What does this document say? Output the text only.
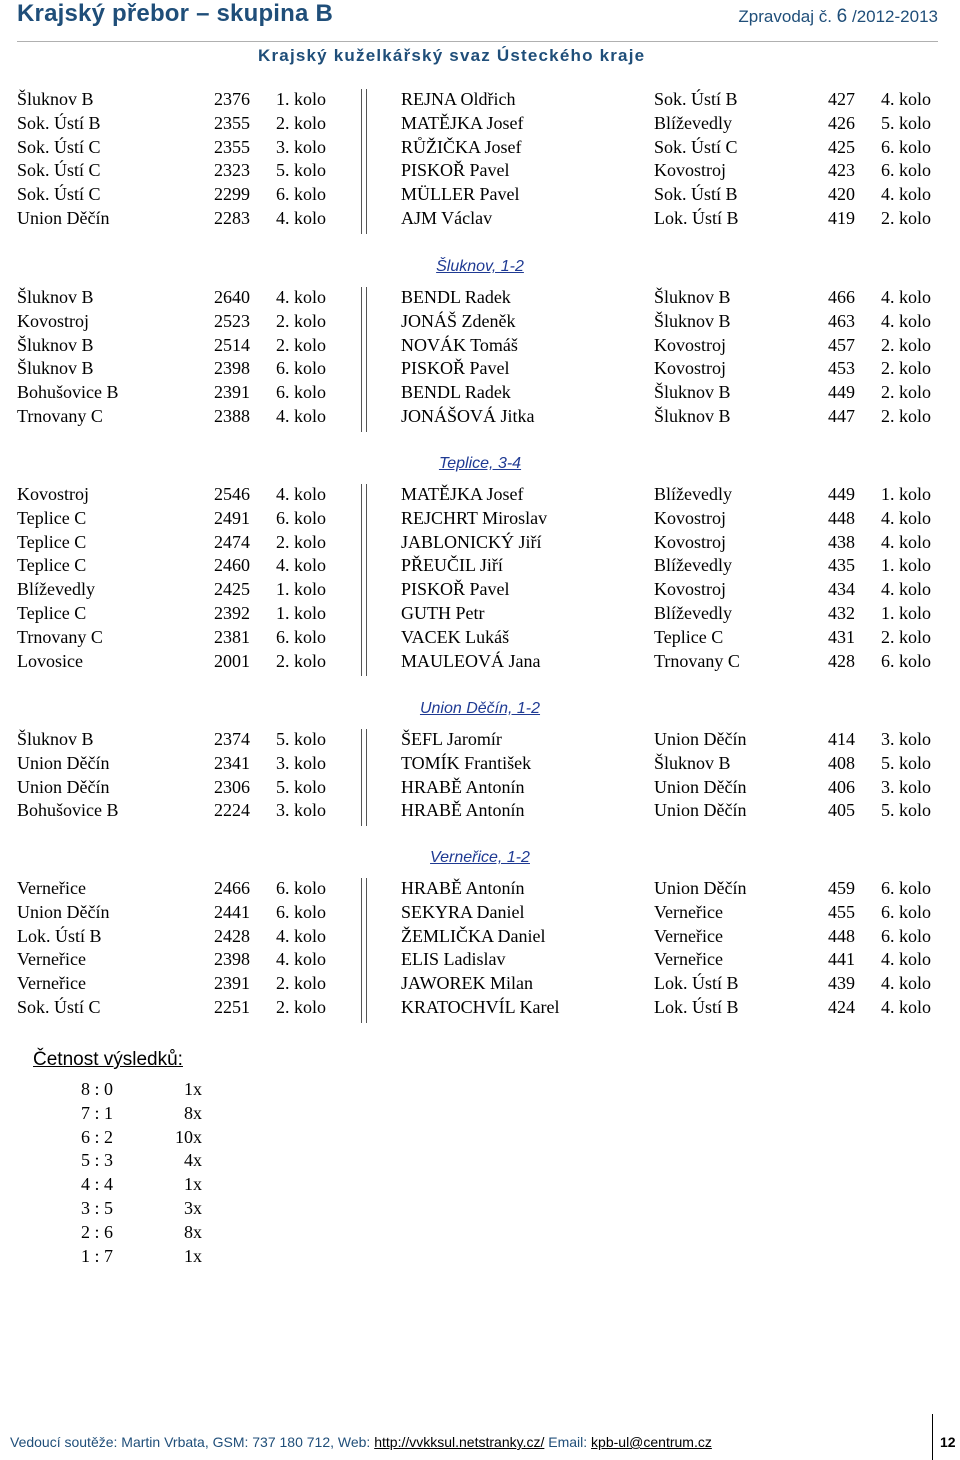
Krajský přebor – skupina B	Zpravodaj č. 6 /2012-2013
Krajský kuželkářský svaz Ústeckého kraje
Šluknov B	2376 1. kolo	REJNA Oldřich	Sok. Ústí B	427 4. kolo
Sok. Ústí B	2355 2. kolo	MATĚJKA Josef	Blíževedly	426 5. kolo
Sok. Ústí C	2355 3. kolo	RŮŽIČKA Josef	Sok. Ústí C	425 6. kolo
Sok. Ústí C	2323 5. kolo	PISKOŘ Pavel	Kovostroj	423 6. kolo
Sok. Ústí C	2299 6. kolo	MÜLLER Pavel	Sok. Ústí B	420 4. kolo
Union Děčín	2283 4. kolo	AJM Václav	Lok. Ústí B	419 2. kolo
Šluknov, 1-2
Šluknov B	2640 4. kolo	BENDL Radek	Šluknov B	466 4. kolo
Kovostroj	2523 2. kolo	JONÁŠ Zdeněk	Šluknov B	463 4. kolo
Šluknov B	2514 2. kolo	NOVÁK Tomáš	Kovostroj	457 2. kolo
Šluknov B	2398 6. kolo	PISKOŘ Pavel	Kovostroj	453 2. kolo
Bohušovice B	2391 6. kolo	BENDL Radek	Šluknov B	449 2. kolo
Trnovany C	2388 4. kolo	JONÁŠOVÁ Jitka	Šluknov B	447 2. kolo
Teplice, 3-4
Kovostroj	2546 4. kolo	MATĚJKA Josef	Blíževedly	449 1. kolo
Teplice C	2491 6. kolo	REJCHRT Miroslav	Kovostroj	448 4. kolo
Teplice C	2474 2. kolo	JABLONICKÝ Jiří	Kovostroj	438 4. kolo
Teplice C	2460 4. kolo	PŘEUČIL Jiří	Blíževedly	435 1. kolo
Blíževedly	2425 1. kolo	PISKOŘ Pavel	Kovostroj	434 4. kolo
Teplice C	2392 1. kolo	GUTH Petr	Blíževedly	432 1. kolo
Trnovany C	2381 6. kolo	VACEK Lukáš	Teplice C	431 2. kolo
Lovosice	2001 2. kolo	MAULEOVÁ Jana	Trnovany C	428 6. kolo
Union Děčín, 1-2
Šluknov B	2374 5. kolo	ŠEFL Jaromír	Union Děčín	414 3. kolo
Union Děčín	2341 3. kolo	TOMÍK František	Šluknov B	408 5. kolo
Union Děčín	2306 5. kolo	HRABĚ Antonín	Union Děčín	406 3. kolo
Bohušovice B	2224 3. kolo	HRABĚ Antonín	Union Děčín	405 5. kolo
Verneřice, 1-2
Verneřice	2466 6. kolo	HRABĚ Antonín	Union Děčín	459 6. kolo
Union Děčín	2441 6. kolo	SEKYRA Daniel	Verneřice	455 6. kolo
Lok. Ústí B	2428 4. kolo	ŽEMLIČKA Daniel	Verneřice	448 6. kolo
Verneřice	2398 4. kolo	ELIS Ladislav	Verneřice	441 4. kolo
Verneřice	2391 2. kolo	JAWOREK Milan	Lok. Ústí B	439 4. kolo
Sok. Ústí C	2251 2. kolo	KRATOCHVÍL Karel	Lok. Ústí B	424 4. kolo
Četnost výsledků:
8 : 0	1x
7 : 1	8x
6 : 2	10x
5 : 3	4x
4 : 4	1x
3 : 5	3x
2 : 6	8x
1 : 7	1x
Vedoucí soutěže: Martin Vrbata, GSM: 737 180 712, Web: http://vvkksul.netstranky.cz/ Email: kpb-ul@centrum.cz	12
